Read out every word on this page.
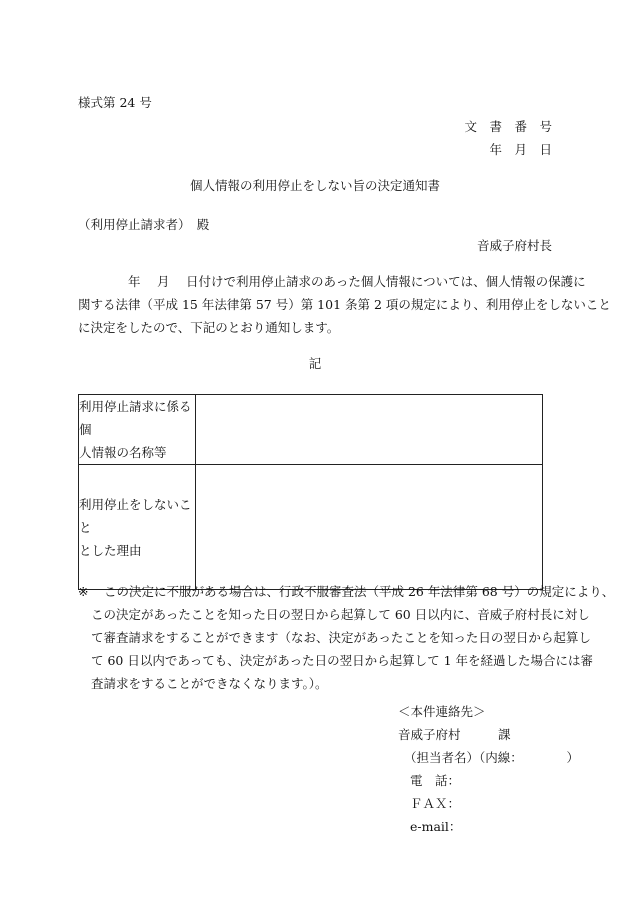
様式第 24 号
文　書　番　号
年　月　日
個人情報の利用停止をしない旨の決定通知書
（利用停止請求者）　殿
音威子府村長
　　　　年　 月　 日付けで利用停止請求のあった個人情報については、個人情報の保護に
関する法律（平成 15 年法律第 57 号）第 101 条第 2 項の規定により、利用停止をしないこと
に決定をしたので、下記のとおり通知します。
記
利用停止請求に係る個
人情報の名称等	

利用停止をしないこと
とした理由	

※ この決定に不服がある場合は、行政不服審査法（平成 26 年法律第 68 号）の規定により、
この決定があったことを知った日の翌日から起算して 60 日以内に、音威子府村長に対し
て審査請求をすることができます（なお、決定があったことを知った日の翌日から起算し
て 60 日以内であっても、決定があった日の翌日から起算して 1 年を経過した場合には審
査請求をすることができなくなります。）。
＜本件連絡先＞
音威子府村　　　課
（担当者名）（内線：　　　　）
電　話：
ＦＡＸ：
e-mail：
